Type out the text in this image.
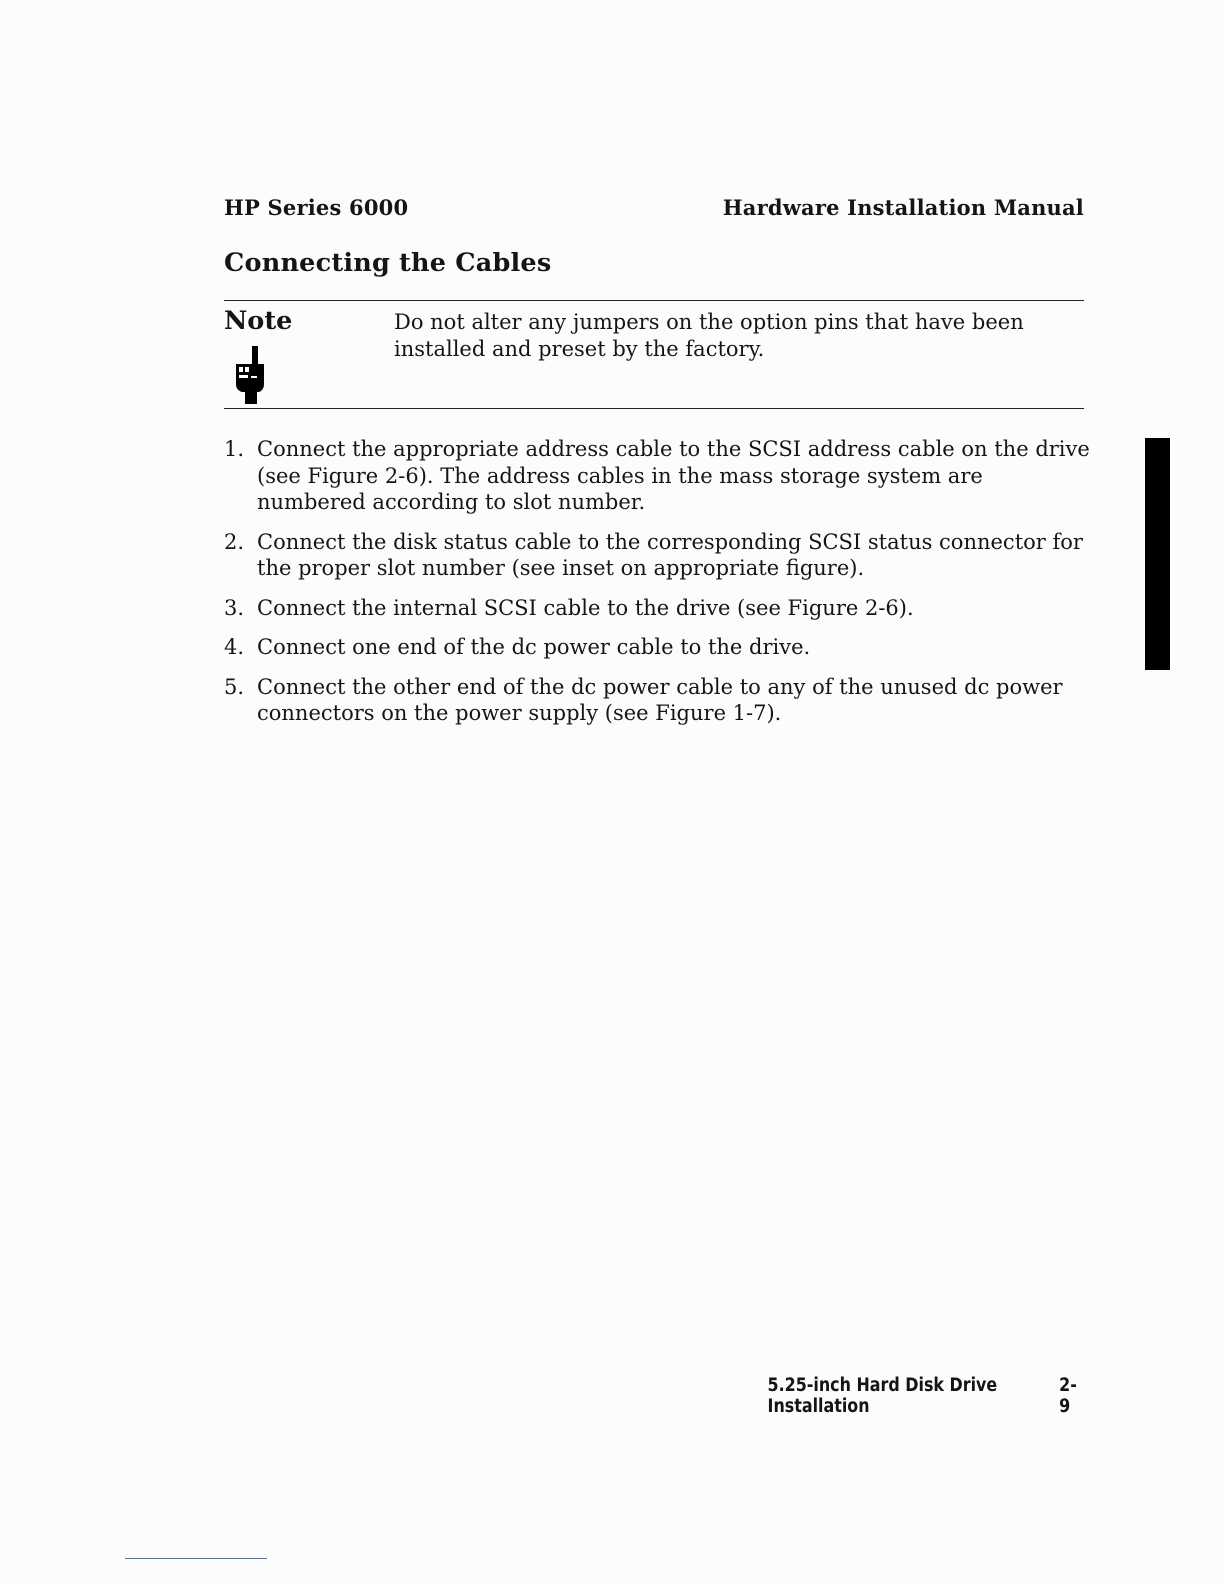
HP Series 6000	Hardware Installation Manual
Connecting the Cables
Note	Do not alter any jumpers on the option pins that have been installed and preset by the factory.
1. Connect the appropriate address cable to the SCSI address cable on the drive (see Figure 2-6). The address cables in the mass storage system are numbered according to slot number.
2. Connect the disk status cable to the corresponding SCSI status connector for the proper slot number (see inset on appropriate figure).
3. Connect the internal SCSI cable to the drive (see Figure 2-6).
4. Connect one end of the dc power cable to the drive.
5. Connect the other end of the dc power cable to any of the unused dc power connectors on the power supply (see Figure 1-7).
5.25-inch Hard Disk Drive Installation
2-9
